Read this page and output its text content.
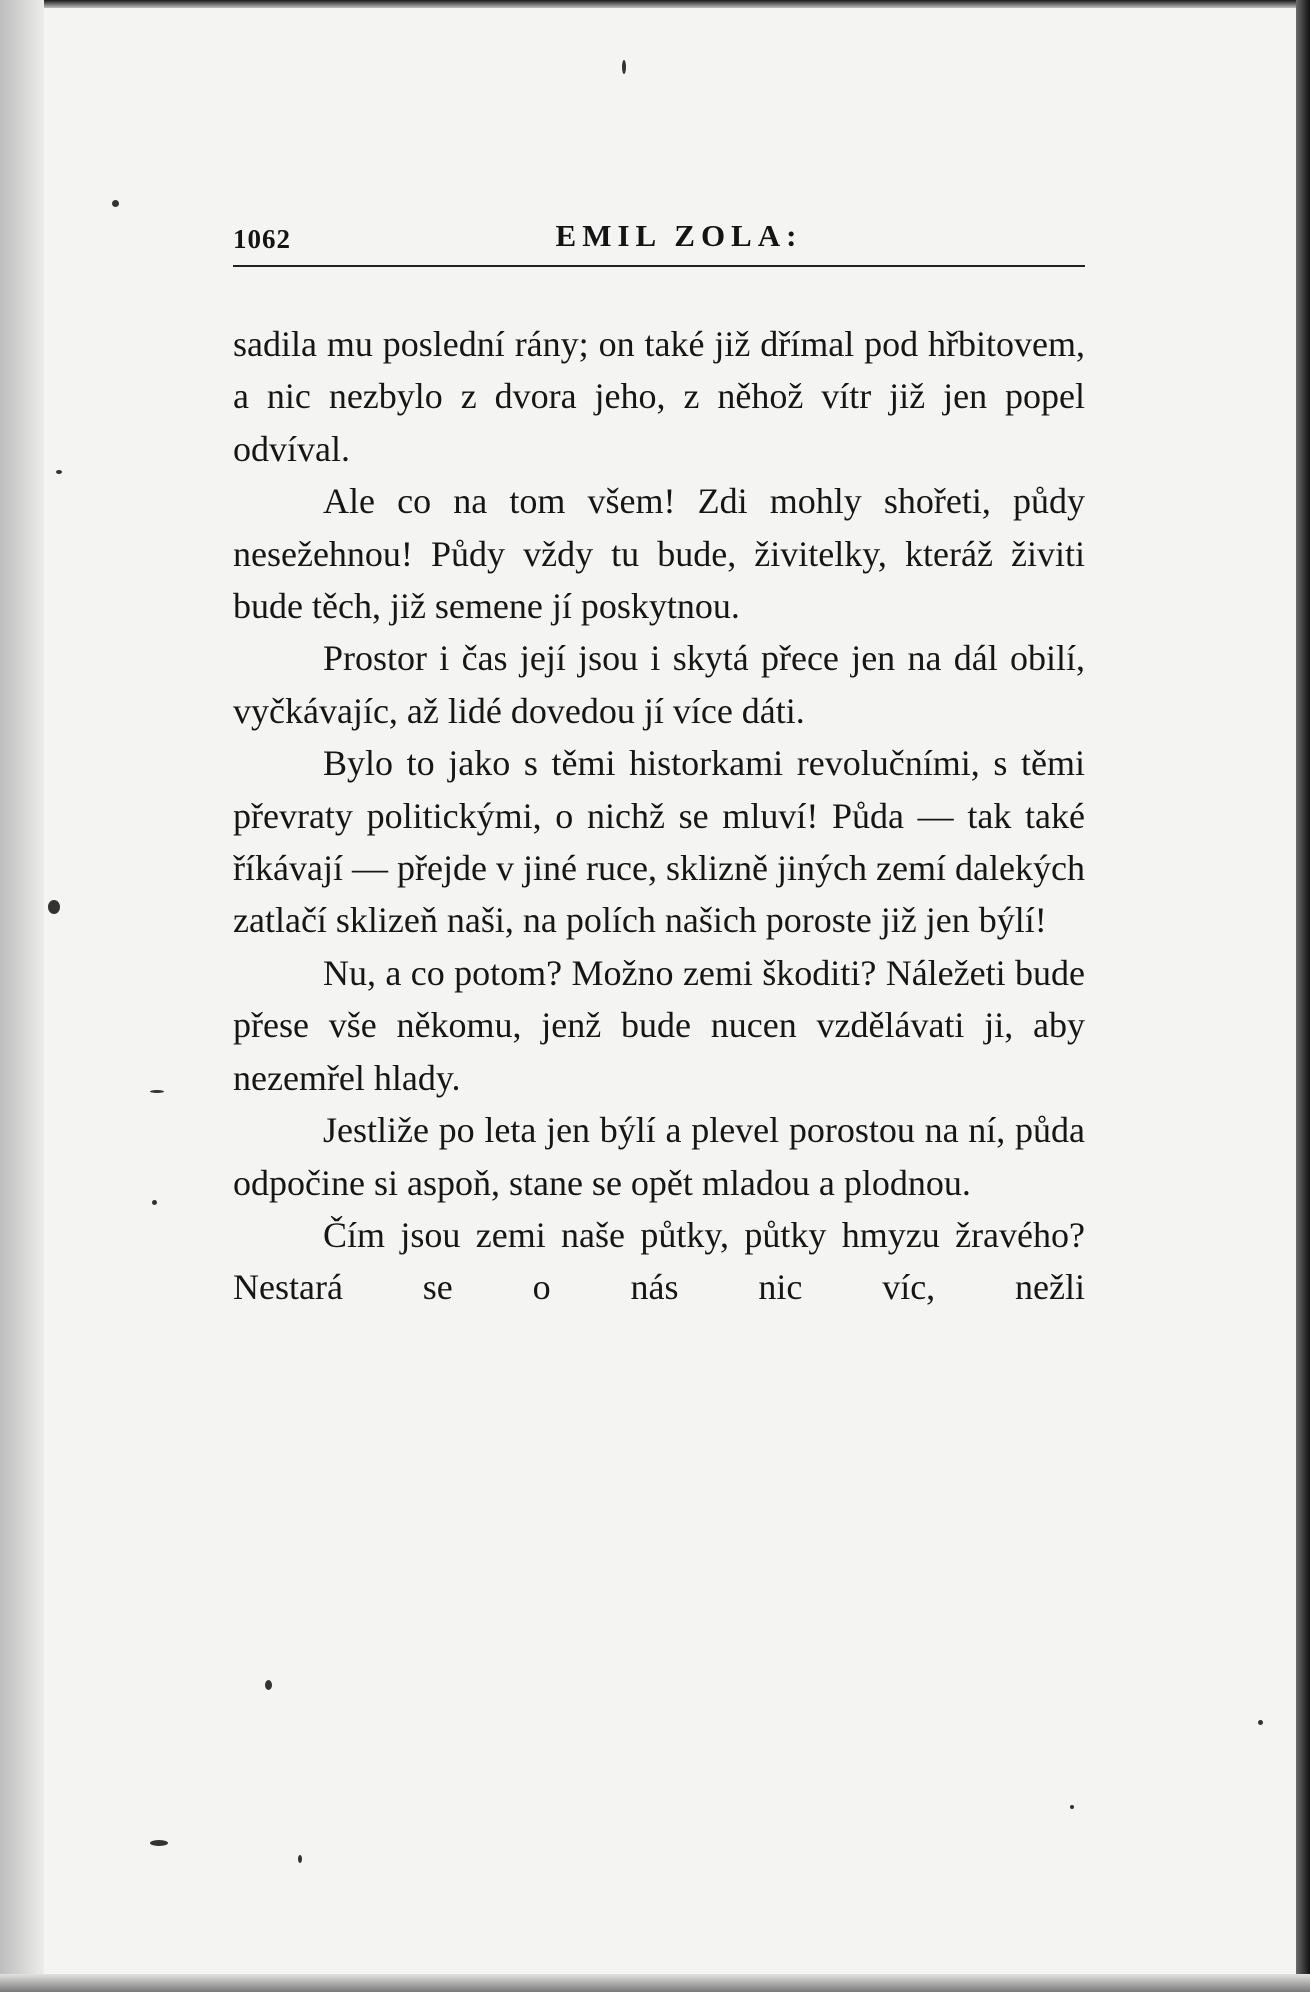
1062	EMIL ZOLA:

sadila mu poslední rány; on také již dřímal pod hřbitovem, a nic nezbylo z dvora jeho, z něhož vítr již jen popel odvíval.

Ale co na tom všem! Zdi mohly shořeti, půdy nesežehnou! Půdy vždy tu bude, živitelky, kteráž živiti bude těch, již semene jí poskytnou.

Prostor i čas její jsou i skytá přece jen na dál obilí, vyčkávajíc, až lidé dovedou jí více dáti.

Bylo to jako s těmi historkami revolučními, s těmi převraty politickými, o nichž se mluví! Půda — tak také říkávají — přejde v jiné ruce, sklizně jiných zemí dalekých zatlačí sklizeň naši, na polích našich poroste již jen býlí!

Nu, a co potom? Možno zemi škoditi? Náležeti bude přese vše někomu, jenž bude nucen vzdělávati ji, aby nezemřel hlady.

Jestliže po leta jen býlí a plevel porostou na ní, půda odpočine si aspoň, stane se opět mladou a plodnou.

Čím jsou zemi naše půtky, půtky hmyzu žravého? Nestará se o nás nic víc, nežli
